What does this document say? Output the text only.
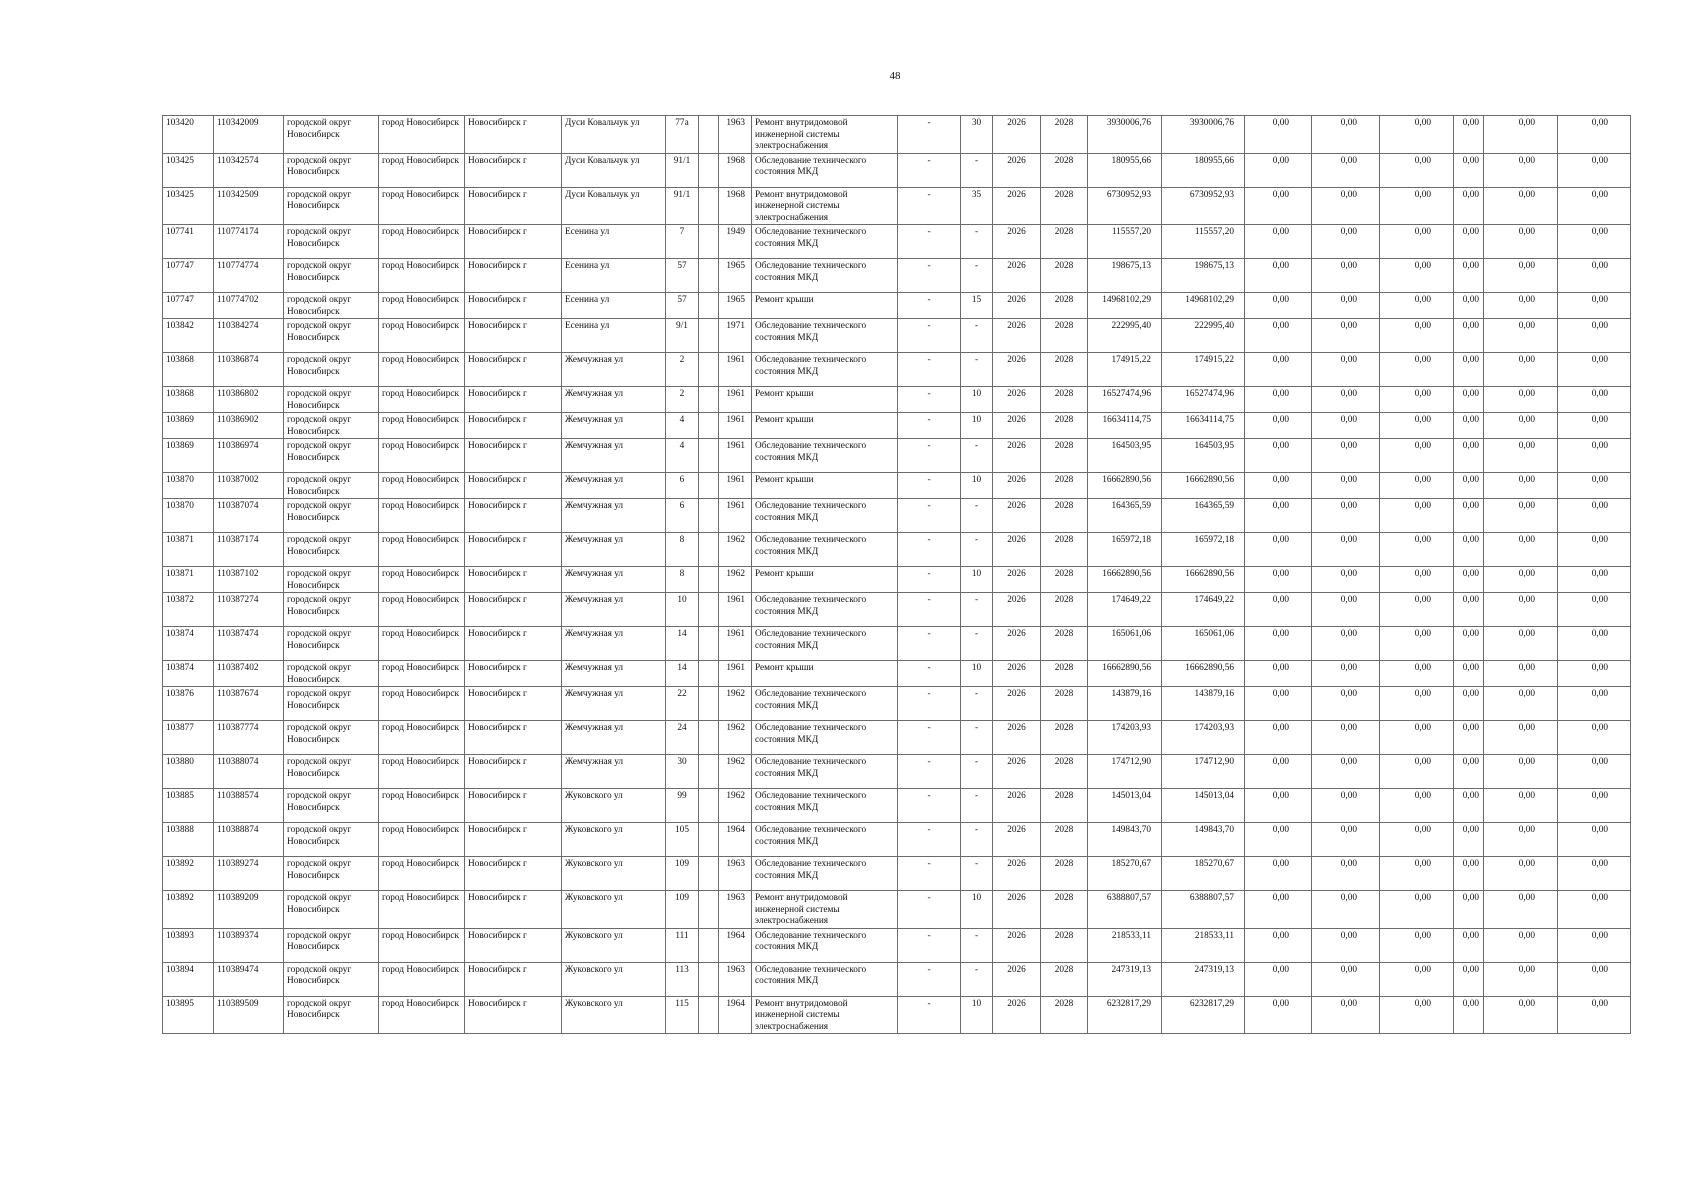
48
103420	110342009	городской округ Новосибирск	город Новосибирск	Новосибирск г	Дуси Ковальчук ул	77а		1963	Ремонт внутридомовой инженерной системы электроснабжения	-	30	2026	2028	3930006,76	3930006,76	0,00	0,00	0,00	0,00	0,00	0,00
103425	110342574	городской округ Новосибирск	город Новосибирск	Новосибирск г	Дуси Ковальчук ул	91/1		1968	Обследование технического состояния МКД	-	-	2026	2028	180955,66	180955,66	0,00	0,00	0,00	0,00	0,00	0,00
103425	110342509	городской округ Новосибирск	город Новосибирск	Новосибирск г	Дуси Ковальчук ул	91/1		1968	Ремонт внутридомовой инженерной системы электроснабжения	-	35	2026	2028	6730952,93	6730952,93	0,00	0,00	0,00	0,00	0,00	0,00
107741	110774174	городской округ Новосибирск	город Новосибирск	Новосибирск г	Есенина ул	7		1949	Обследование технического состояния МКД	-	-	2026	2028	115557,20	115557,20	0,00	0,00	0,00	0,00	0,00	0,00
107747	110774774	городской округ Новосибирск	город Новосибирск	Новосибирск г	Есенина ул	57		1965	Обследование технического состояния МКД	-	-	2026	2028	198675,13	198675,13	0,00	0,00	0,00	0,00	0,00	0,00
107747	110774702	городской округ Новосибирск	город Новосибирск	Новосибирск г	Есенина ул	57		1965	Ремонт крыши	-	15	2026	2028	14968102,29	14968102,29	0,00	0,00	0,00	0,00	0,00	0,00
103842	110384274	городской округ Новосибирск	город Новосибирск	Новосибирск г	Есенина ул	9/1		1971	Обследование технического состояния МКД	-	-	2026	2028	222995,40	222995,40	0,00	0,00	0,00	0,00	0,00	0,00
103868	110386874	городской округ Новосибирск	город Новосибирск	Новосибирск г	Жемчужная ул	2		1961	Обследование технического состояния МКД	-	-	2026	2028	174915,22	174915,22	0,00	0,00	0,00	0,00	0,00	0,00
103868	110386802	городской округ Новосибирск	город Новосибирск	Новосибирск г	Жемчужная ул	2		1961	Ремонт крыши	-	10	2026	2028	16527474,96	16527474,96	0,00	0,00	0,00	0,00	0,00	0,00
103869	110386902	городской округ Новосибирск	город Новосибирск	Новосибирск г	Жемчужная ул	4		1961	Ремонт крыши	-	10	2026	2028	16634114,75	16634114,75	0,00	0,00	0,00	0,00	0,00	0,00
103869	110386974	городской округ Новосибирск	город Новосибирск	Новосибирск г	Жемчужная ул	4		1961	Обследование технического состояния МКД	-	-	2026	2028	164503,95	164503,95	0,00	0,00	0,00	0,00	0,00	0,00
103870	110387002	городской округ Новосибирск	город Новосибирск	Новосибирск г	Жемчужная ул	6		1961	Ремонт крыши	-	10	2026	2028	16662890,56	16662890,56	0,00	0,00	0,00	0,00	0,00	0,00
103870	110387074	городской округ Новосибирск	город Новосибирск	Новосибирск г	Жемчужная ул	6		1961	Обследование технического состояния МКД	-	-	2026	2028	164365,59	164365,59	0,00	0,00	0,00	0,00	0,00	0,00
103871	110387174	городской округ Новосибирск	город Новосибирск	Новосибирск г	Жемчужная ул	8		1962	Обследование технического состояния МКД	-	-	2026	2028	165972,18	165972,18	0,00	0,00	0,00	0,00	0,00	0,00
103871	110387102	городской округ Новосибирск	город Новосибирск	Новосибирск г	Жемчужная ул	8		1962	Ремонт крыши	-	10	2026	2028	16662890,56	16662890,56	0,00	0,00	0,00	0,00	0,00	0,00
103872	110387274	городской округ Новосибирск	город Новосибирск	Новосибирск г	Жемчужная ул	10		1961	Обследование технического состояния МКД	-	-	2026	2028	174649,22	174649,22	0,00	0,00	0,00	0,00	0,00	0,00
103874	110387474	городской округ Новосибирск	город Новосибирск	Новосибирск г	Жемчужная ул	14		1961	Обследование технического состояния МКД	-	-	2026	2028	165061,06	165061,06	0,00	0,00	0,00	0,00	0,00	0,00
103874	110387402	городской округ Новосибирск	город Новосибирск	Новосибирск г	Жемчужная ул	14		1961	Ремонт крыши	-	10	2026	2028	16662890,56	16662890,56	0,00	0,00	0,00	0,00	0,00	0,00
103876	110387674	городской округ Новосибирск	город Новосибирск	Новосибирск г	Жемчужная ул	22		1962	Обследование технического состояния МКД	-	-	2026	2028	143879,16	143879,16	0,00	0,00	0,00	0,00	0,00	0,00
103877	110387774	городской округ Новосибирск	город Новосибирск	Новосибирск г	Жемчужная ул	24		1962	Обследование технического состояния МКД	-	-	2026	2028	174203,93	174203,93	0,00	0,00	0,00	0,00	0,00	0,00
103880	110388074	городской округ Новосибирск	город Новосибирск	Новосибирск г	Жемчужная ул	30		1962	Обследование технического состояния МКД	-	-	2026	2028	174712,90	174712,90	0,00	0,00	0,00	0,00	0,00	0,00
103885	110388574	городской округ Новосибирск	город Новосибирск	Новосибирск г	Жуковского ул	99		1962	Обследование технического состояния МКД	-	-	2026	2028	145013,04	145013,04	0,00	0,00	0,00	0,00	0,00	0,00
103888	110388874	городской округ Новосибирск	город Новосибирск	Новосибирск г	Жуковского ул	105		1964	Обследование технического состояния МКД	-	-	2026	2028	149843,70	149843,70	0,00	0,00	0,00	0,00	0,00	0,00
103892	110389274	городской округ Новосибирск	город Новосибирск	Новосибирск г	Жуковского ул	109		1963	Обследование технического состояния МКД	-	-	2026	2028	185270,67	185270,67	0,00	0,00	0,00	0,00	0,00	0,00
103892	110389209	городской округ Новосибирск	город Новосибирск	Новосибирск г	Жуковского ул	109		1963	Ремонт внутридомовой инженерной системы электроснабжения	-	10	2026	2028	6388807,57	6388807,57	0,00	0,00	0,00	0,00	0,00	0,00
103893	110389374	городской округ Новосибирск	город Новосибирск	Новосибирск г	Жуковского ул	111		1964	Обследование технического состояния МКД	-	-	2026	2028	218533,11	218533,11	0,00	0,00	0,00	0,00	0,00	0,00
103894	110389474	городской округ Новосибирск	город Новосибирск	Новосибирск г	Жуковского ул	113		1963	Обследование технического состояния МКД	-	-	2026	2028	247319,13	247319,13	0,00	0,00	0,00	0,00	0,00	0,00
103895	110389509	городской округ Новосибирск	город Новосибирск	Новосибирск г	Жуковского ул	115		1964	Ремонт внутридомовой инженерной системы электроснабжения	-	10	2026	2028	6232817,29	6232817,29	0,00	0,00	0,00	0,00	0,00	0,00
